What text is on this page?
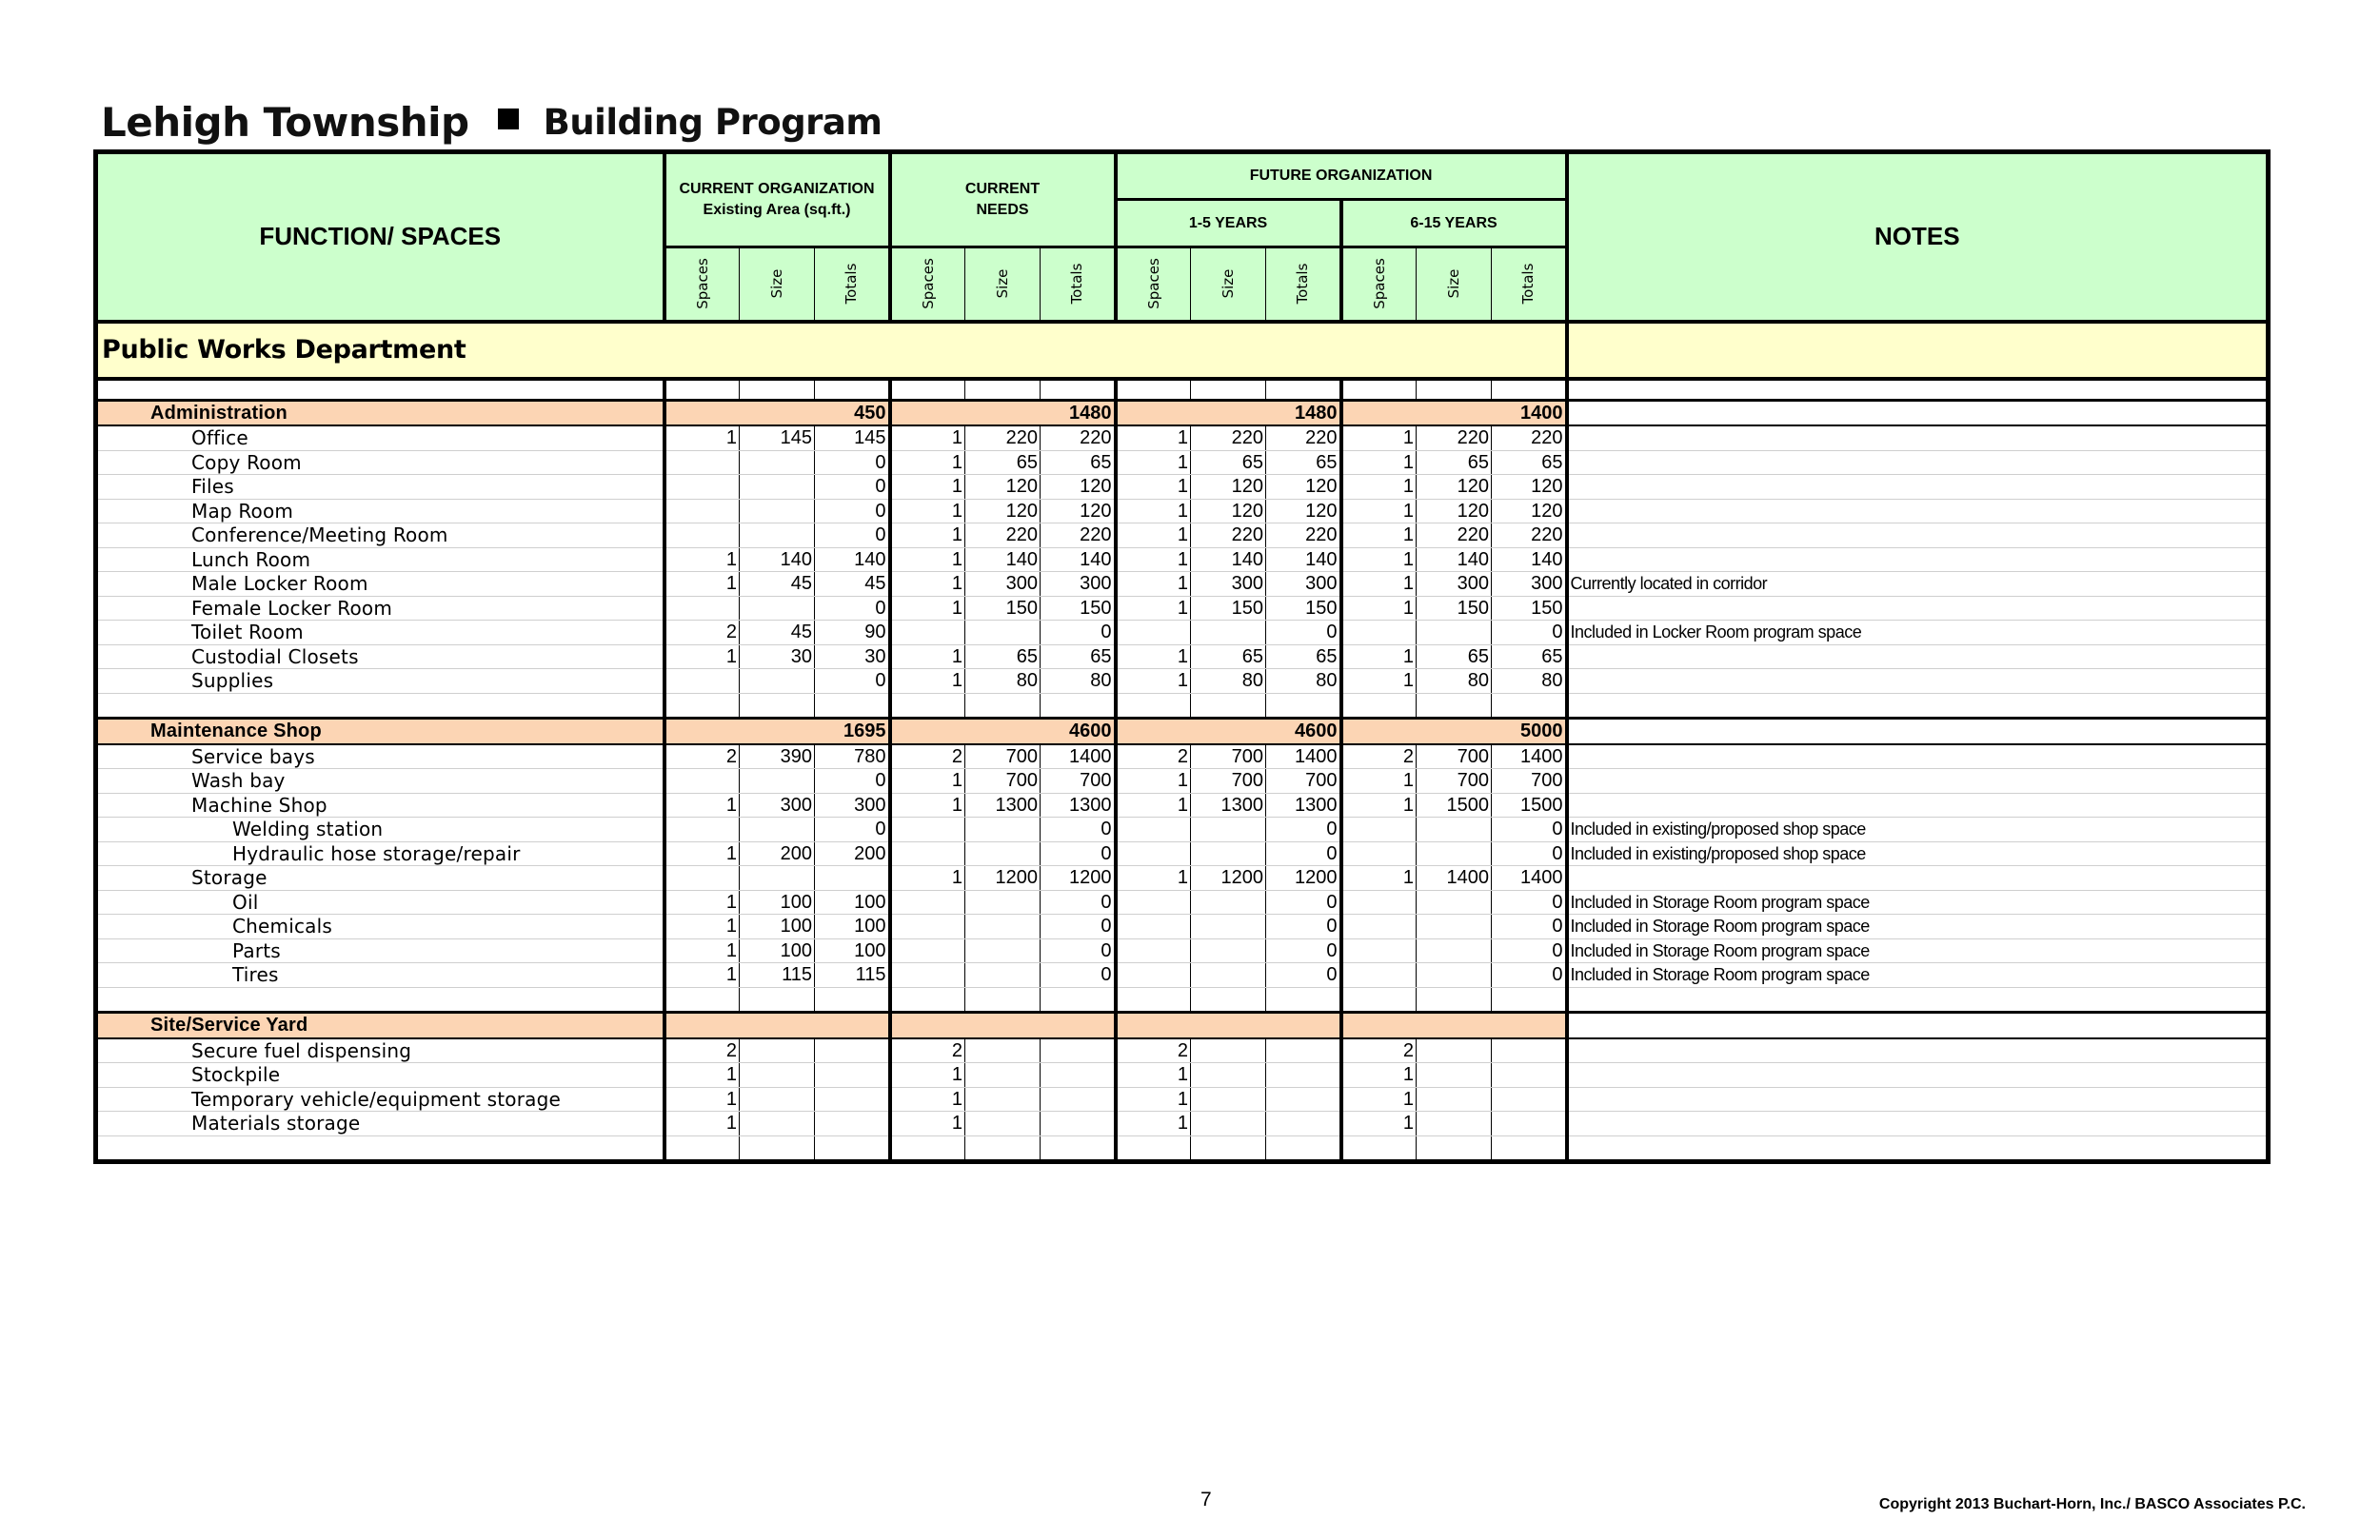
Lehigh Township Building Program
FUNCTION/ SPACES	CURRENT ORGANIZATION
Existing Area (sq.ft.)			CURRENT
NEEDS			FUTURE ORGANIZATION						NOTES
							1-5 YEARS			6-15 YEARS			

	Spaces	Size	Totals	Spaces	Size	Totals	Spaces	Size	Totals	Spaces	Size	Totals	

Public Works Department													

Administration			450			1480			1480			1400	
Office	1	145	145	1	220	220	1	220	220	1	220	220	
Copy Room			0	1	65	65	1	65	65	1	65	65	
Files			0	1	120	120	1	120	120	1	120	120	
Map Room			0	1	120	120	1	120	120	1	120	120	
Conference/Meeting Room			0	1	220	220	1	220	220	1	220	220	
Lunch Room	1	140	140	1	140	140	1	140	140	1	140	140	
Male Locker Room	1	45	45	1	300	300	1	300	300	1	300	300	Currently located in corridor
Female Locker Room			0	1	150	150	1	150	150	1	150	150	
Toilet Room	2	45	90			0			0			0	Included in Locker Room program space
Custodial Closets	1	30	30	1	65	65	1	65	65	1	65	65	
Supplies			0	1	80	80	1	80	80	1	80	80	

Maintenance Shop			1695			4600			4600			5000	
Service bays	2	390	780	2	700	1400	2	700	1400	2	700	1400	
Wash bay			0	1	700	700	1	700	700	1	700	700	
Machine Shop	1	300	300	1	1300	1300	1	1300	1300	1	1500	1500	
Welding station			0			0			0			0	Included in existing/proposed shop space
Hydraulic hose storage/repair	1	200	200			0			0			0	Included in existing/proposed shop space
Storage				1	1200	1200	1	1200	1200	1	1400	1400	
Oil	1	100	100			0			0			0	Included in Storage Room program space
Chemicals	1	100	100			0			0			0	Included in Storage Room program space
Parts	1	100	100			0			0			0	Included in Storage Room program space
Tires	1	115	115			0			0			0	Included in Storage Room program space

Site/Service Yard													
Secure fuel dispensing	2			2			2			2			
Stockpile	1			1			1			1			
Temporary vehicle/equipment storage	1			1			1			1			
Materials storage	1			1			1			1			

7	Copyright 2013 Buchart-Horn, Inc./ BASCO Associates P.C.
